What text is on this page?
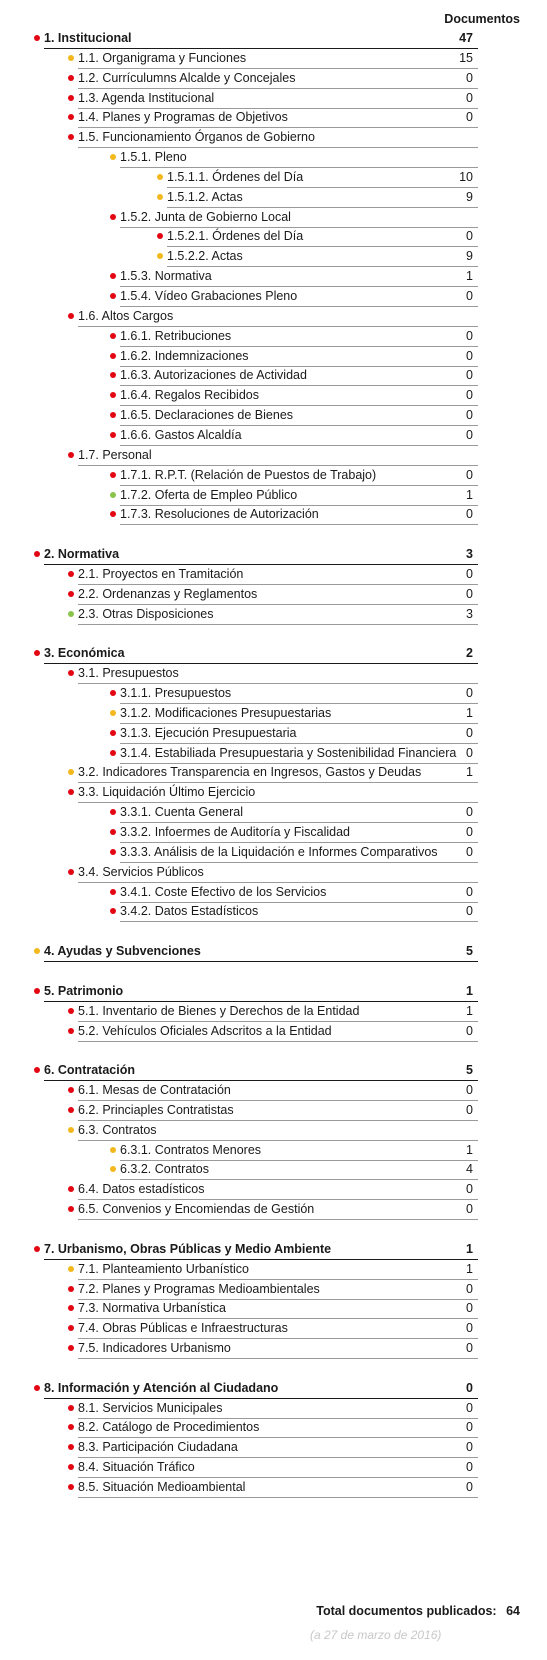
Documentos
1. Institucional	47
1.1. Organigrama y Funciones	15
1.2. Currículumns Alcalde y Concejales	0
1.3. Agenda Institucional	0
1.4. Planes y Programas de Objetivos	0
1.5. Funcionamiento Órganos de Gobierno
1.5.1. Pleno
1.5.1.1. Órdenes del Día	10
1.5.1.2. Actas	9
1.5.2. Junta de Gobierno Local
1.5.2.1. Órdenes del Día	0
1.5.2.2. Actas	9
1.5.3. Normativa	1
1.5.4. Vídeo Grabaciones Pleno	0
1.6. Altos Cargos
1.6.1. Retribuciones	0
1.6.2. Indemnizaciones	0
1.6.3. Autorizaciones de Actividad	0
1.6.4. Regalos Recibidos	0
1.6.5. Declaraciones de Bienes	0
1.6.6. Gastos Alcaldía	0
1.7. Personal
1.7.1. R.P.T. (Relación de Puestos de Trabajo)	0
1.7.2. Oferta de Empleo Público	1
1.7.3. Resoluciones de Autorización	0
2. Normativa	3
2.1. Proyectos en Tramitación	0
2.2. Ordenanzas y Reglamentos	0
2.3. Otras Disposiciones	3
3. Económica	2
3.1. Presupuestos
3.1.1. Presupuestos	0
3.1.2. Modificaciones Presupuestarias	1
3.1.3. Ejecución Presupuestaria	0
3.1.4. Estabiliada Presupuestaria y Sostenibilidad Financiera 0
3.2. Indicadores Transparencia en Ingresos, Gastos y Deudas	1
3.3. Liquidación Último Ejercicio
3.3.1. Cuenta General	0
3.3.2. Infoermes de Auditoría y Fiscalidad	0
3.3.3. Análisis de la Liquidación e Informes Comparativos 0
3.4. Servicios Públicos
3.4.1. Coste Efectivo de los Servicios	0
3.4.2. Datos Estadísticos	0
4. Ayudas y Subvenciones	5
5. Patrimonio	1
5.1. Inventario de Bienes y Derechos de la Entidad	1
5.2. Vehículos Oficiales Adscritos a la Entidad	0
6. Contratación	5
6.1. Mesas de Contratación	0
6.2. Princiaples Contratistas	0
6.3. Contratos
6.3.1. Contratos Menores	1
6.3.2. Contratos	4
6.4. Datos estadísticos	0
6.5. Convenios y Encomiendas de Gestión	0
7. Urbanismo, Obras Públicas y Medio Ambiente	1
7.1. Planteamiento Urbanístico	1
7.2. Planes y Programas Medioambientales	0
7.3. Normativa Urbanística	0
7.4. Obras Públicas e Infraestructuras	0
7.5. Indicadores Urbanismo	0
8. Información y Atención al Ciudadano	0
8.1. Servicios Municipales	0
8.2. Catálogo de Procedimientos	0
8.3. Participación Ciudadana	0
8.4. Situación Tráfico	0
8.5. Situación Medioambiental	0
Total documentos publicados: 64
(a 27 de marzo de 2016)
